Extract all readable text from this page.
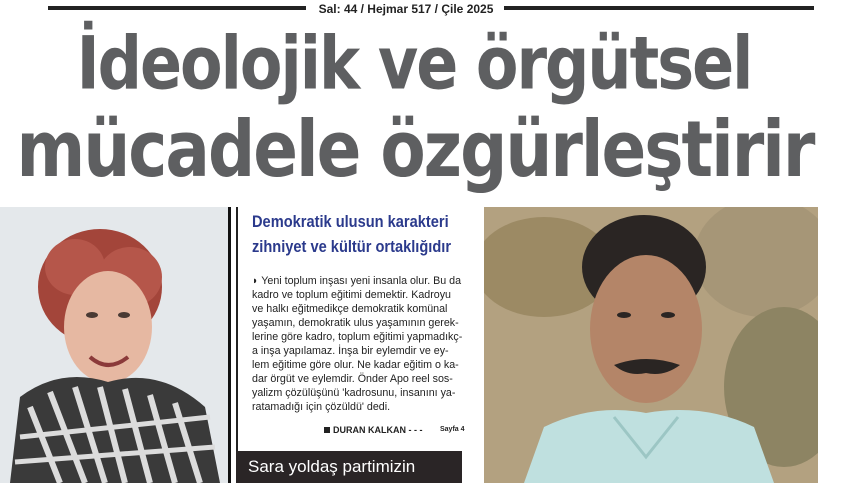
Sal: 44 / Hejmar 517 / Çile 2025
İdeolojik ve örgütsel
mücadele özgürleştirir
Demokratik ulusun karakteri
zihniyet ve kültür ortaklığıdır
◗ Yeni toplum inşası yeni insanla olur. Bu da
kadro ve toplum eğitimi demektir. Kadroyu
ve halkı eğitmedikçe demokratik komünal
yaşamın, demokratik ulus yaşamının gerek-
lerine göre kadro, toplum eğitimi yapmadıkç-
a inşa yapılamaz. İnşa bir eylemdir ve ey-
lem eğitime göre olur. Ne kadar eğitim o ka-
dar örgüt ve eylemdir. Önder Apo reel sos-
yalizm çözülüşünü 'kadrosunu, insanını ya-
ratamadığı için çözüldü' dedi.
DURAN KALKAN - - -	Sayfa 4
Sara yoldaş partimizin
